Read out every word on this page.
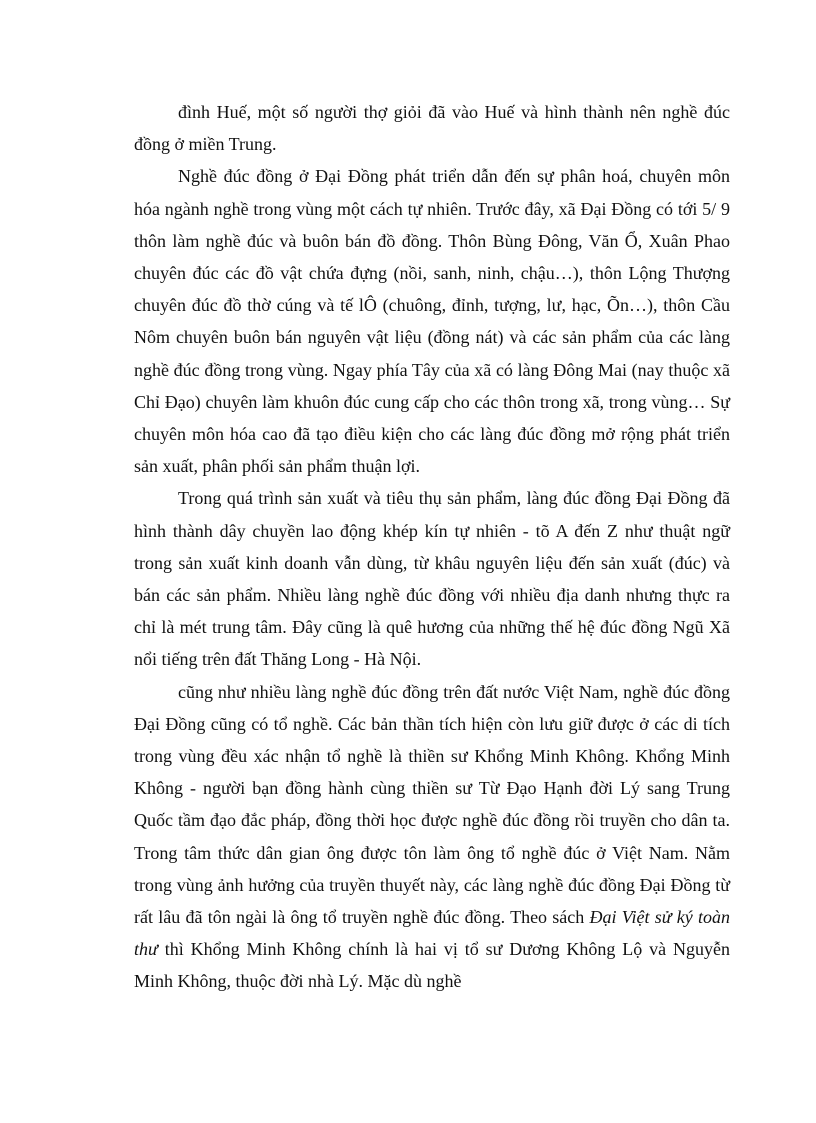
đình Huế, một số người thợ giỏi đã vào Huế và hình thành nên nghề đúc đồng ở miền Trung.

Nghề đúc đồng ở Đại Đồng phát triển dẫn đến sự phân hoá, chuyên môn hóa ngành nghề trong vùng một cách tự nhiên. Trước đây, xã Đại Đồng có tới 5/ 9 thôn làm nghề đúc và buôn bán đồ đồng. Thôn Bùng Đông, Văn Ổ, Xuân Phao chuyên đúc các đồ vật chứa đựng (nồi, sanh, ninh, chậu…), thôn Lộng Thượng chuyên đúc đồ thờ cúng và tế lÔ (chuông, đỉnh, tượng, lư, hạc, Õn…), thôn Cầu Nôm chuyên buôn bán nguyên vật liệu (đồng nát) và các sản phẩm của các làng nghề đúc đồng trong vùng. Ngay phía Tây của xã có làng Đông Mai (nay thuộc xã Chỉ Đạo) chuyên làm khuôn đúc cung cấp cho các thôn trong xã, trong vùng… Sự chuyên môn hóa cao đã tạo điều kiện cho các làng đúc đồng mở rộng phát triển sản xuất, phân phối sản phẩm thuận lợi.

Trong quá trình sản xuất và tiêu thụ sản phẩm, làng đúc đồng Đại Đồng đã hình thành dây chuyền lao động khép kín tự nhiên - tõ A đến Z như thuật ngữ trong sản xuất kinh doanh vẫn dùng, từ khâu nguyên liệu đến sản xuất (đúc) và bán các sản phẩm. Nhiều làng nghề đúc đồng với nhiều địa danh nhưng thực ra chỉ là mét trung tâm. Đây cũng là quê hương của những thế hệ đúc đồng Ngũ Xã nổi tiếng trên đất Thăng Long - Hà Nội.

cũng như nhiều làng nghề đúc đồng trên đất nước Việt Nam, nghề đúc đồng Đại Đồng cũng có tổ nghề. Các bản thần tích hiện còn lưu giữ được ở các di tích trong vùng đều xác nhận tổ nghề là thiền sư Khổng Minh Không. Khổng Minh Không - người bạn đồng hành cùng thiền sư Từ Đạo Hạnh đời Lý sang Trung Quốc tầm đạo đắc pháp, đồng thời học được nghề đúc đồng rồi truyền cho dân ta. Trong tâm thức dân gian ông được tôn làm ông tổ nghề đúc ở Việt Nam. Nằm trong vùng ảnh hưởng của truyền thuyết này, các làng nghề đúc đồng Đại Đồng từ rất lâu đã tôn ngài là ông tổ truyền nghề đúc đồng. Theo sách Đại Việt sử ký toàn thư thì Khổng Minh Không chính là hai vị tổ sư Dương Không Lộ và Nguyễn Minh Không, thuộc đời nhà Lý. Mặc dù nghề
